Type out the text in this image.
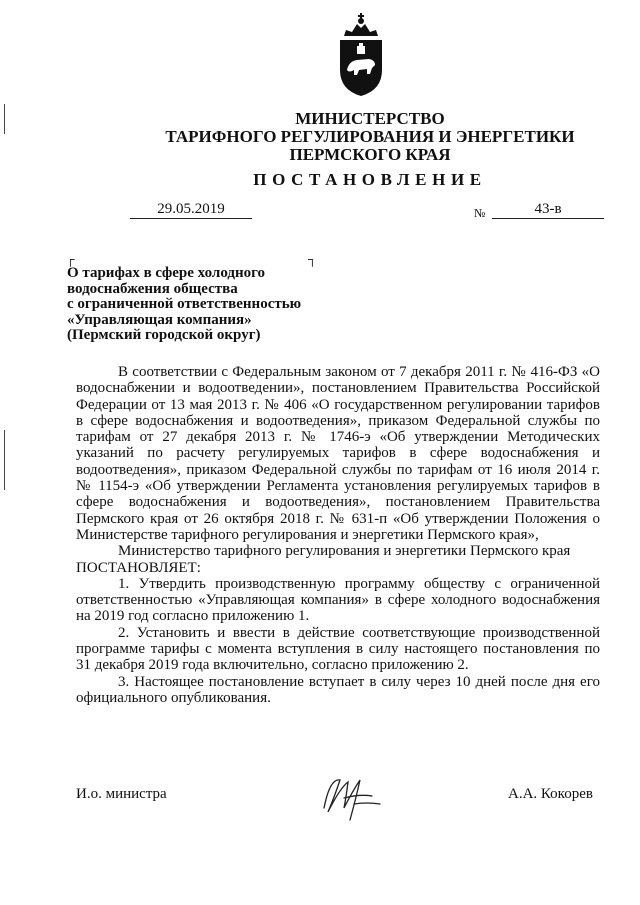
МИНИСТЕРСТВО
ТАРИФНОГО РЕГУЛИРОВАНИЯ И ЭНЕРГЕТИКИ
ПЕРМСКОГО КРАЯ
ПОСТАНОВЛЕНИЕ
29.05.2019	№	43-в
┌	┐
О тарифах в сфере холодного
водоснабжения общества
с ограниченной ответственностью
«Управляющая компания»
(Пермский городской округ)

В соответствии с Федеральным законом от 7 декабря 2011 г. № 416-ФЗ «О водоснабжении и водоотведении», постановлением Правительства Российской Федерации от 13 мая 2013 г. № 406 «О государственном регулировании тарифов в сфере водоснабжения и водоотведения», приказом Федеральной службы по тарифам от 27 декабря 2013 г. № 1746-э «Об утверждении Методических указаний по расчету регулируемых тарифов в сфере водоснабжения и водоотведения», приказом Федеральной службы по тарифам от 16 июля 2014 г. № 1154-э «Об утверждении Регламента установления регулируемых тарифов в сфере водоснабжения и водоотведения», постановлением Правительства Пермского края от 26 октября 2018 г. № 631-п «Об утверждении Положения о Министерстве тарифного регулирования и энергетики Пермского края»,

Министерство тарифного регулирования и энергетики Пермского края

ПОСТАНОВЛЯЕТ:

1. Утвердить производственную программу обществу с ограниченной ответственностью «Управляющая компания» в сфере холодного водоснабжения на 2019 год согласно приложению 1.

2. Установить и ввести в действие соответствующие производственной программе тарифы с момента вступления в силу настоящего постановления по 31 декабря 2019 года включительно, согласно приложению 2.

3. Настоящее постановление вступает в силу через 10 дней после дня его официального опубликования.

И.о. министра	А.А. Кокорев
